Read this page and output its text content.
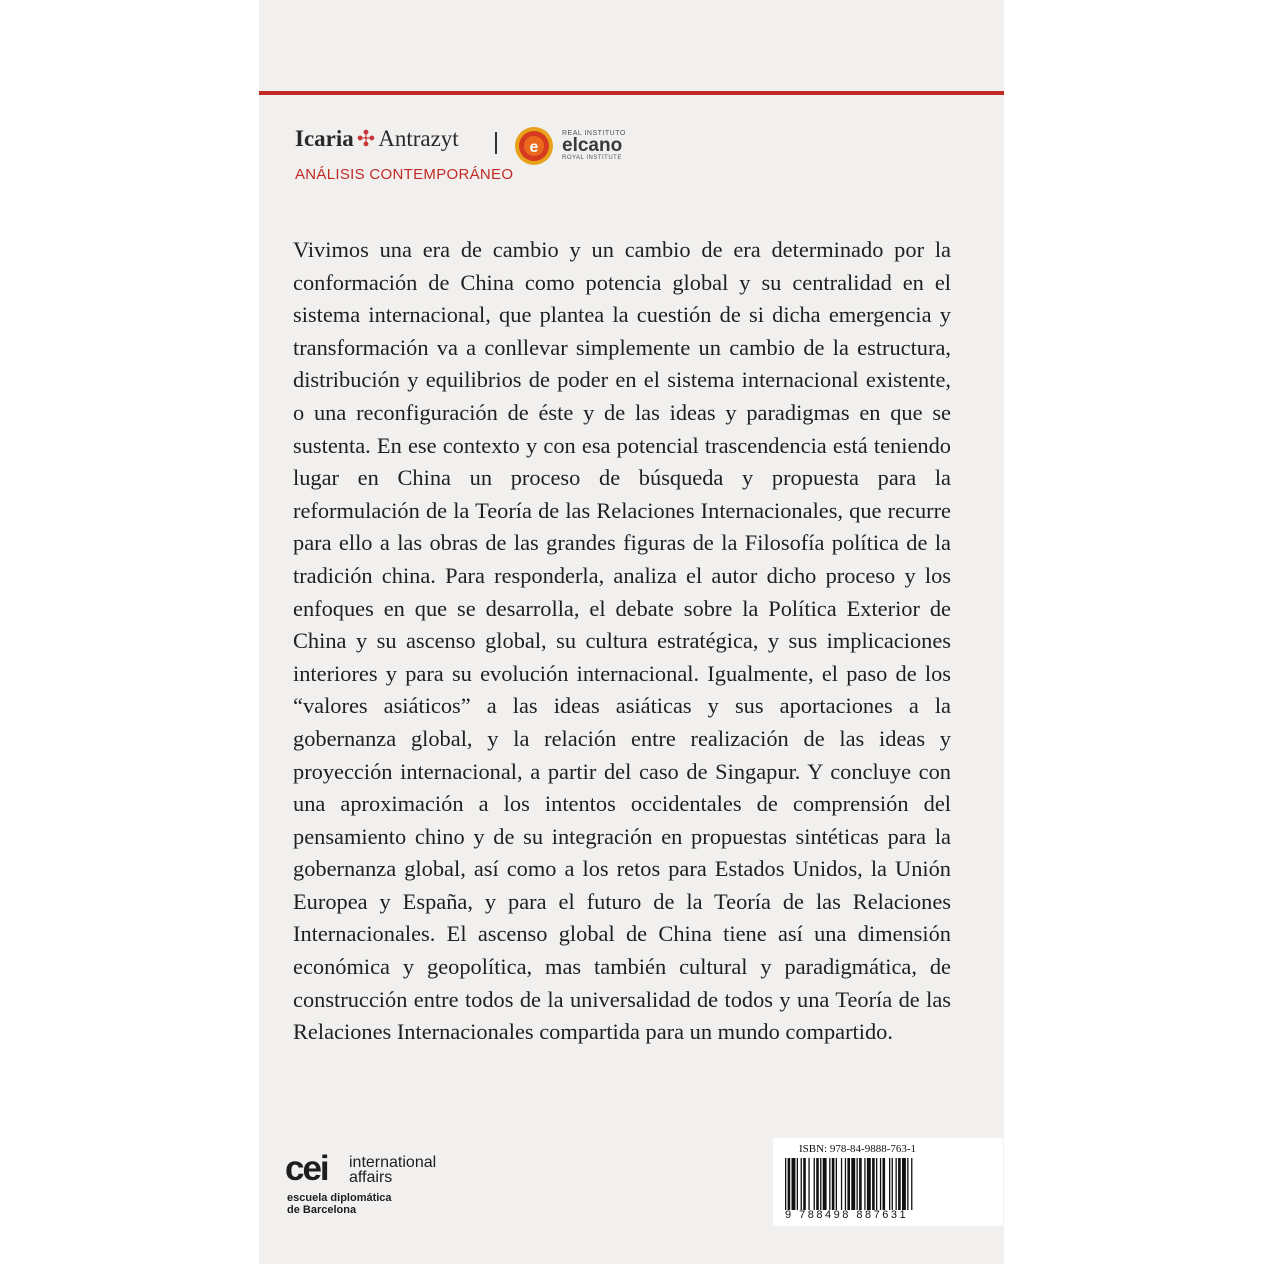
Icaria ✣ Antrazyt
ANÁLISIS CONTEMPORÁNEO
e
REAL INSTITUTO
elcano
ROYAL INSTITUTE

Vivimos una era de cambio y un cambio de era determinado por la conformación de China como potencia global y su centralidad en el sistema internacional, que plantea la cuestión de si dicha emergencia y transformación va a conllevar simplemente un cambio de la estructura, distribución y equilibrios de poder en el sistema internacional existente, o una reconfiguración de éste y de las ideas y paradigmas en que se sustenta. En ese contexto y con esa potencial trascendencia está teniendo lugar en China un proceso de búsqueda y propuesta para la reformulación de la Teoría de las Relaciones Internacionales, que recurre para ello a las obras de las grandes figuras de la Filosofía política de la tradición china. Para responderla, analiza el autor dicho proceso y los enfoques en que se desarrolla, el debate sobre la Política Exterior de China y su ascenso global, su cultura estratégica, y sus implicaciones interiores y para su evolución internacional. Igualmente, el paso de los “valores asiáticos” a las ideas asiáticas y sus aportaciones a la gobernanza global, y la relación entre realización de las ideas y proyección internacional, a partir del caso de Singapur. Y concluye con una aproximación a los intentos occidentales de comprensión del pensamiento chino y de su integración en propuestas sintéticas para la gobernanza global, así como a los retos para Estados Unidos, la Unión Europea y España, y para el futuro de la Teoría de las Relaciones Internacionales. El ascenso global de China tiene así una dimensión económica y geopolítica, mas también cultural y paradigmática, de construcción entre todos de la universalidad de todos y una Teoría de las Relaciones Internacionales compartida para un mundo compartido.

cei international
affairs
escuela diplomática
de Barcelona
ISBN: 978-84-9888-763-1
9 788498 887631
